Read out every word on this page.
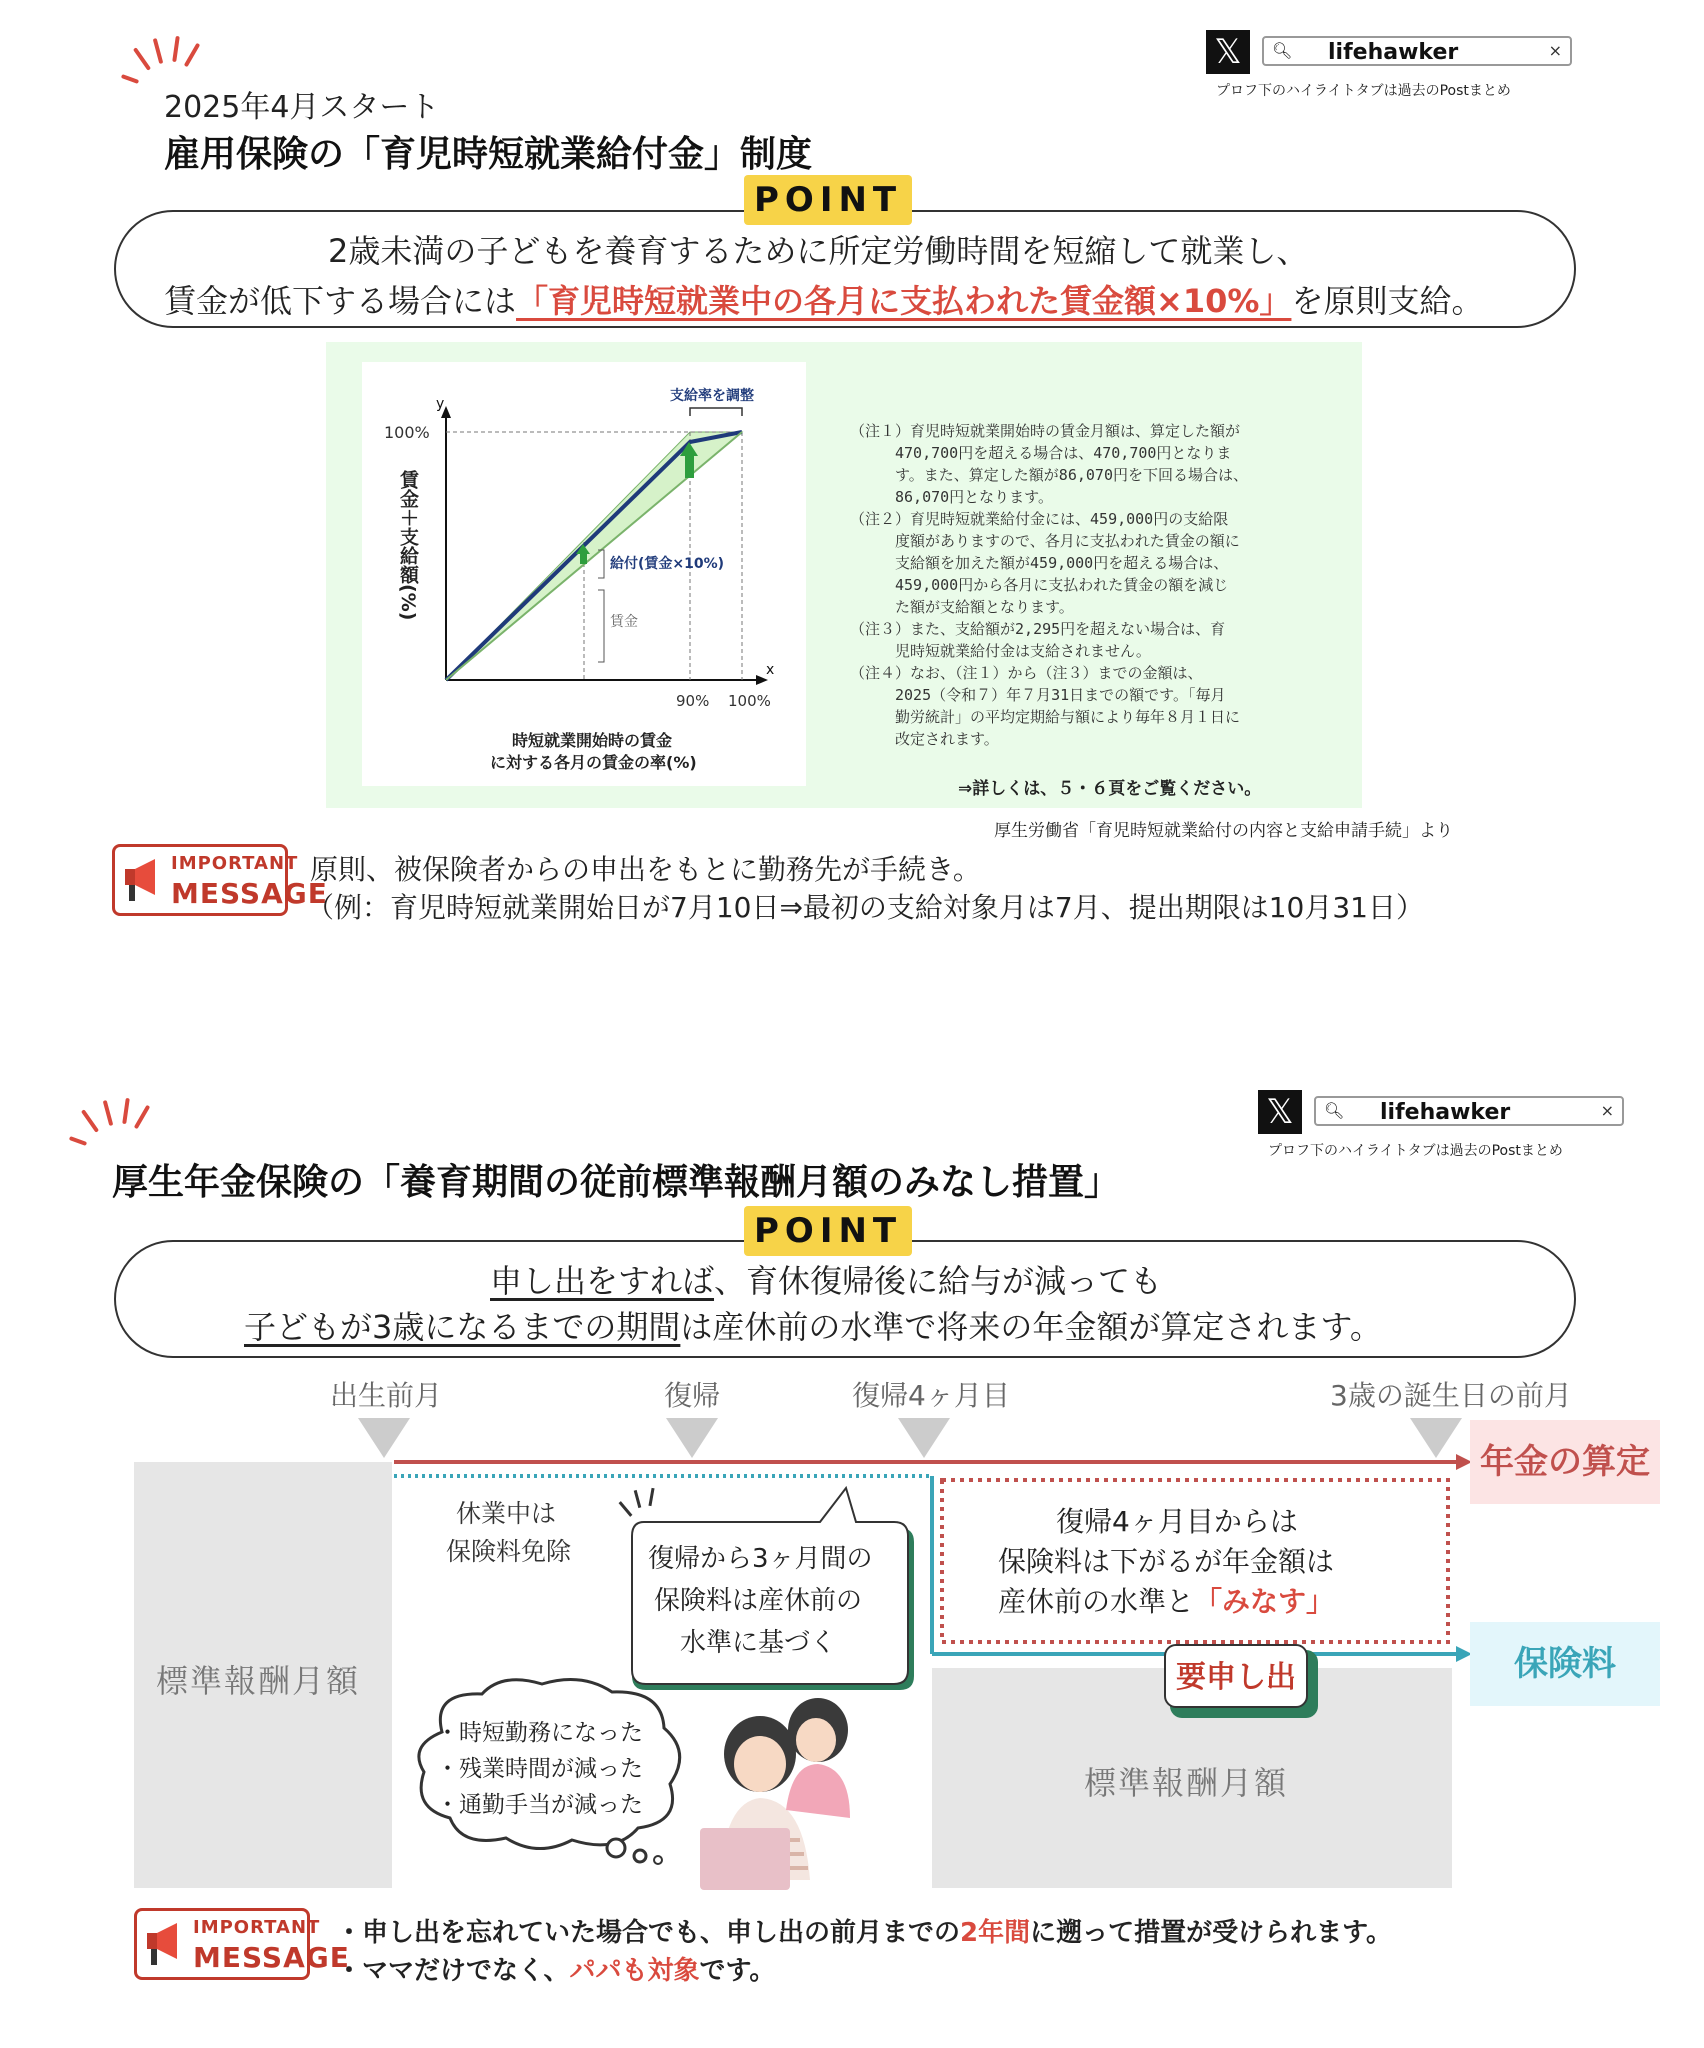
2025年4月スタート
雇用保険の「育児時短就業給付金」制度
𝕏	🔍︎ lifehawker	×
プロフ下のハイライトタブは過去のPostまとめ
POINT
2歳未満の子どもを養育するために所定労働時間を短縮して就業し、
賃金が低下する場合には「育児時短就業中の各月に支払われた賃金額×10%」を原則支給。
y
x
100%
90% 100%
支給率を調整
給付(賃金×10%)
賃金
時短就業開始時の賃金
に対する各月の賃金の率(%)
賃金＋支給額(%)
（注１）育児時短就業開始時の賃金月額は、算定した額が
　　　470,700円を超える場合は、470,700円となりま
　　　す。また、算定した額が86,070円を下回る場合は、
　　　86,070円となります。
（注２）育児時短就業給付金には、459,000円の支給限
　　　度額がありますので、各月に支払われた賃金の額に
　　　支給額を加えた額が459,000円を超える場合は、
　　　459,000円から各月に支払われた賃金の額を減じ
　　　た額が支給額となります。
（注３）また、支給額が2,295円を超えない場合は、育
　　　児時短就業給付金は支給されません。
（注４）なお、（注１）から（注３）までの金額は、
　　　2025（令和７）年７月31日までの額です。「毎月
　　　勤労統計」の平均定期給与額により毎年８月１日に
　　　改定されます。
⇒詳しくは、５・６頁をご覧ください。
厚生労働省「育児時短就業給付の内容と支給申請手続」より
IMPORTANT
MESSAGE
原則、被保険者からの申出をもとに勤務先が手続き。
（例：育児時短就業開始日が7月10日⇒最初の支給対象月は7月、提出期限は10月31日）
厚生年金保険の「養育期間の従前標準報酬月額のみなし措置」
𝕏	🔍︎ lifehawker	×
プロフ下のハイライトタブは過去のPostまとめ
POINT
申し出をすれば、育休復帰後に給与が減っても
子どもが3歳になるまでの期間は産休前の水準で将来の年金額が算定されます。
出生前月	復帰	復帰4ヶ月目	3歳の誕生日の前月
標準報酬月額
標準報酬月額
年金の算定
保険料
休業中は
保険料免除	復帰から3ヶ月間の
保険料は産休前の
水準に基づく
復帰4ヶ月目からは
保険料は下がるが年金額は
産休前の水準と「みなす」
要申し出
・時短勤務になった
・残業時間が減った
・通勤手当が減った
IMPORTANT
MESSAGE
・申し出を忘れていた場合でも、申し出の前月までの2年間に遡って措置が受けられます。
・ママだけでなく、パパも対象です。
